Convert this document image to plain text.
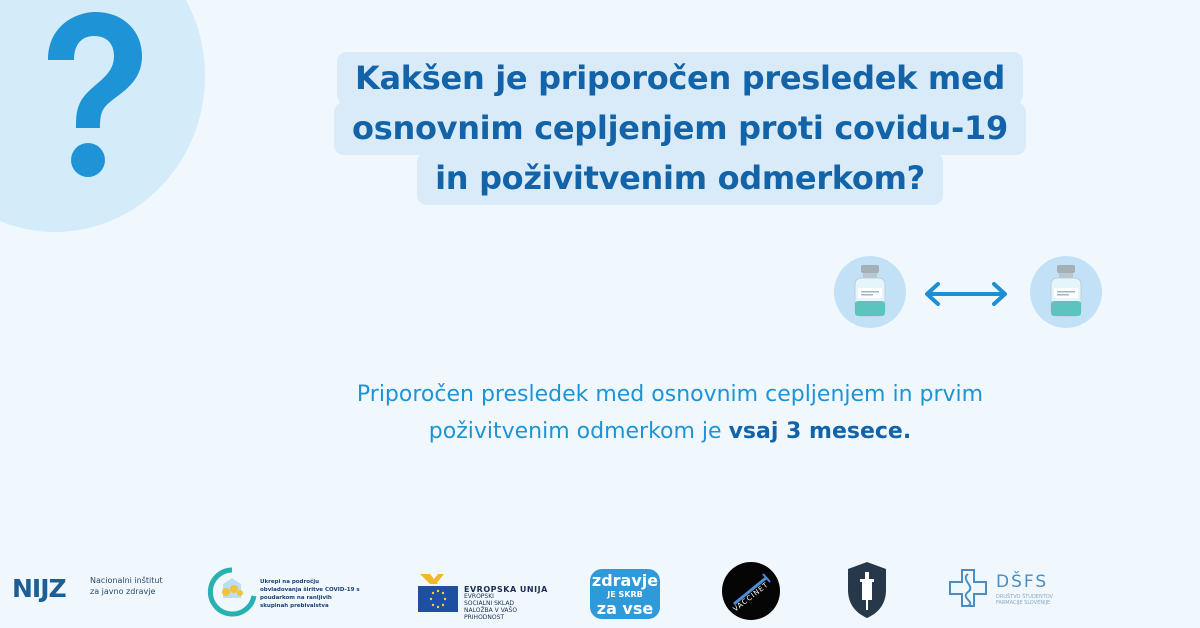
Kakšen je priporočen presledek med
osnovnim cepljenjem proti covidu-19
in poživitvenim odmerkom?
Priporočen presledek med osnovnim cepljenjem in prvim
poživitvenim odmerkom je vsaj 3 mesece.
NIJZ	Nacionalni inštitut
za javno zdravje
Ukrepi na področju obvladovanja širitve COVID-19 s poudarkom na ranljivih skupinah prebivalstva
EVROPSKA UNIJA
EVROPSKI
SOCIALNI SKLAD
NALOŽBA V VAŠO PRIHODNOST
zdravje
JE SKRB
za vse	VACCINET	DŠFS
DRUŠTVO ŠTUDENTOV FARMACIJE SLOVENIJE
